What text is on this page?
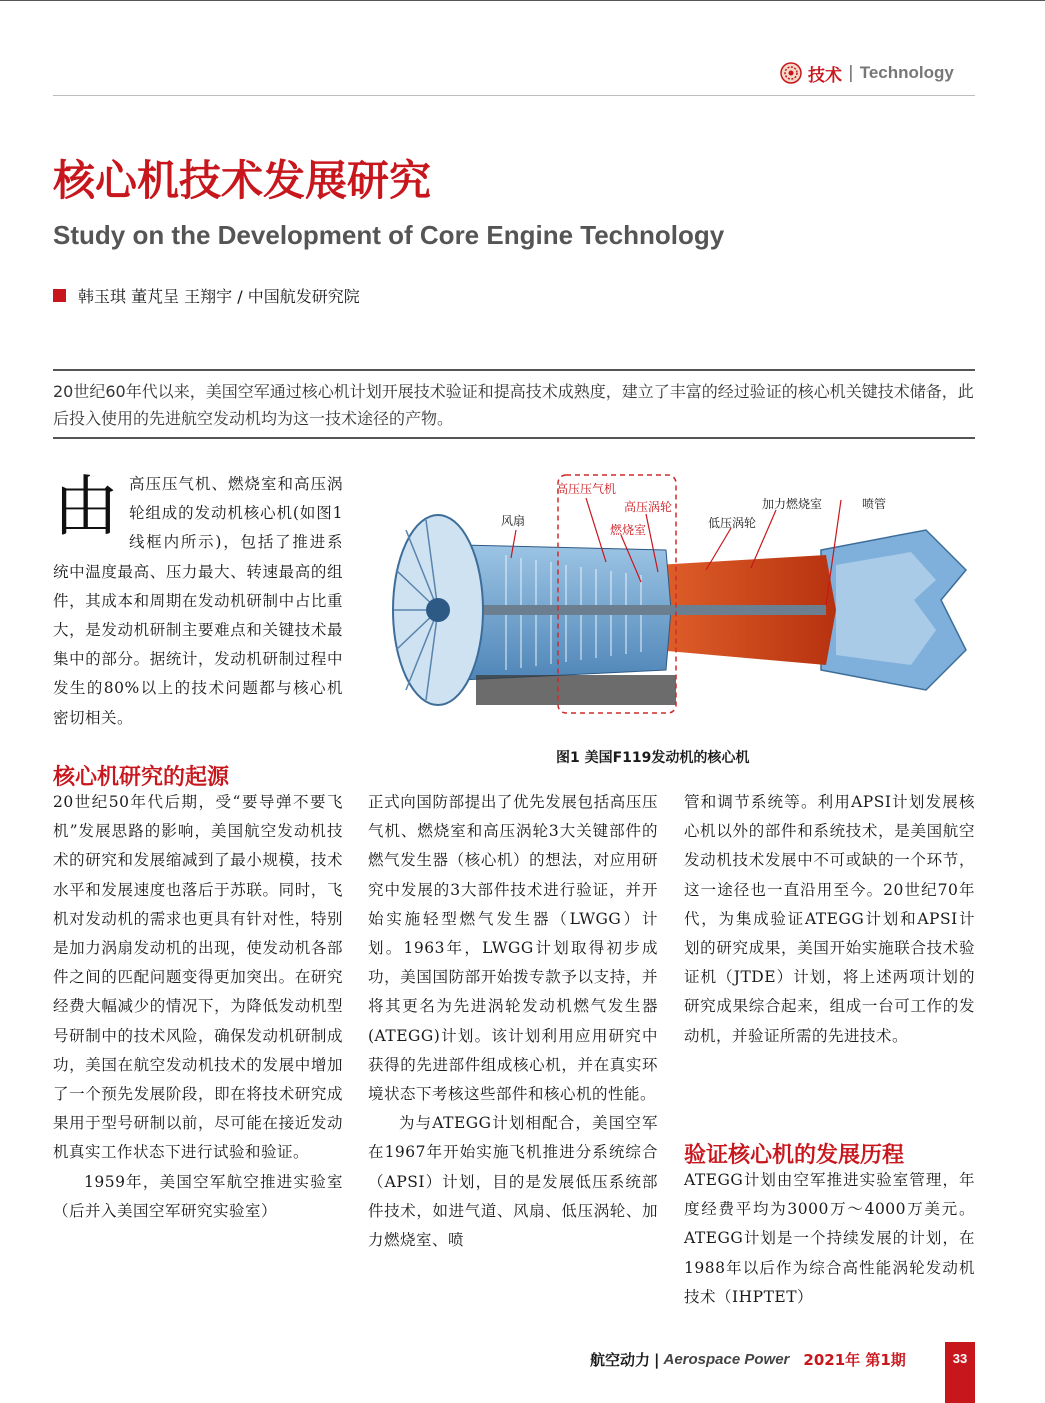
技术 | Technology
核心机技术发展研究
Study on the Development of Core Engine Technology
韩玉琪 董芃呈 王翔宇 / 中国航发研究院
20世纪60年代以来，美国空军通过核心机计划开展技术验证和提高技术成熟度，建立了丰富的经过验证的核心机关键技术储备，此后投入使用的先进航空发动机均为这一技术途径的产物。
由 高压压气机、燃烧室和高压涡轮组成的发动机核心机(如图1线框内所示)，包括了推进系统中温度最高、压力最大、转速最高的组件，其成本和周期在发动机研制中占比重大，是发动机研制主要难点和关键技术最集中的部分。据统计，发动机研制过程中发生的80%以上的技术问题都与核心机密切相关。

高压压气机
高压涡轮
风扇
燃烧室	低压涡轮
加力燃烧室	喷管
图1 美国F119发动机的核心机
核心机研究的起源

20世纪50年代后期，受“要导弹不要飞机”发展思路的影响，美国航空发动机技术的研究和发展缩减到了最小规模，技术水平和发展速度也落后于苏联。同时，飞机对发动机的需求也更具有针对性，特别是加力涡扇发动机的出现，使发动机各部件之间的匹配问题变得更加突出。在研究经费大幅减少的情况下，为降低发动机型号研制中的技术风险，确保发动机研制成功，美国在航空发动机技术的发展中增加了一个预先发展阶段，即在将技术研究成果用于型号研制以前，尽可能在接近发动机真实工作状态下进行试验和验证。

1959年，美国空军航空推进实验室（后并入美国空军研究实验室）

正式向国防部提出了优先发展包括高压压气机、燃烧室和高压涡轮3大关键部件的燃气发生器（核心机）的想法，对应用研究中发展的3大部件技术进行验证，并开始实施轻型燃气发生器（LWGG）计划。1963年，LWGG计划取得初步成功，美国国防部开始拨专款予以支持，并将其更名为先进涡轮发动机燃气发生器(ATEGG)计划。该计划利用应用研究中获得的先进部件组成核心机，并在真实环境状态下考核这些部件和核心机的性能。

为与ATEGG计划相配合，美国空军在1967年开始实施飞机推进分系统综合（APSI）计划，目的是发展低压系统部件技术，如进气道、风扇、低压涡轮、加力燃烧室、喷

管和调节系统等。利用APSI计划发展核心机以外的部件和系统技术，是美国航空发动机技术发展中不可或缺的一个环节，这一途径也一直沿用至今。20世纪70年代，为集成验证ATEGG计划和APSI计划的研究成果，美国开始实施联合技术验证机（JTDE）计划，将上述两项计划的研究成果综合起来，组成一台可工作的发动机，并验证所需的先进技术。

验证核心机的发展历程

ATEGG计划由空军推进实验室管理，年度经费平均为3000万～4000万美元。ATEGG计划是一个持续发展的计划，在1988年以后作为综合高性能涡轮发动机技术（IHPTET）

航空动力 | Aerospace Power 2021年 第1期	33
